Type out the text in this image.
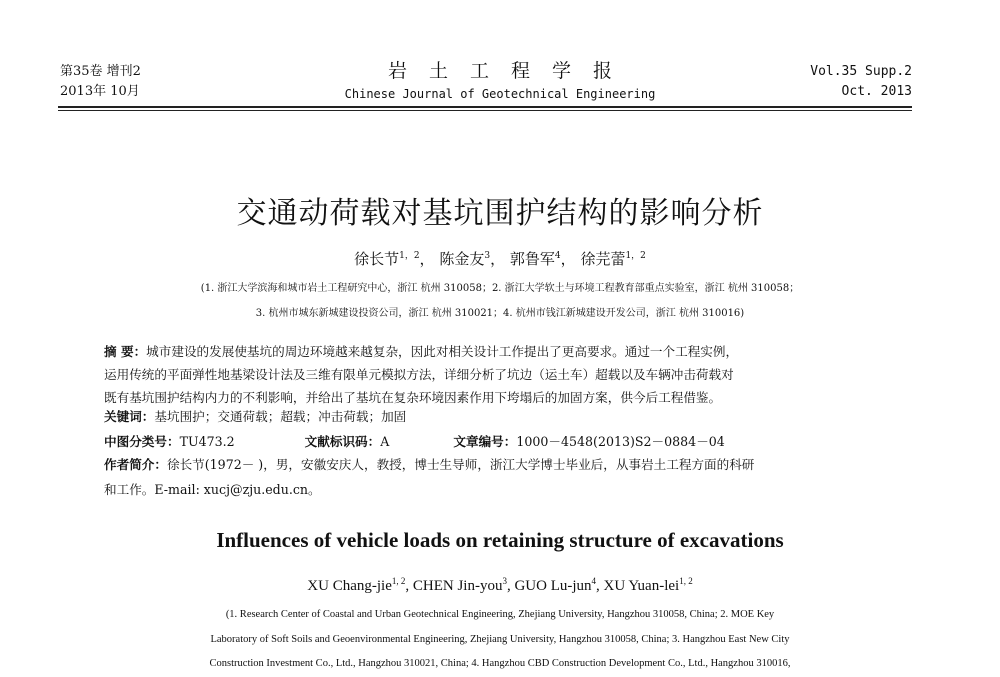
第35卷 增刊2
2013年 10月
岩土工程学报
Chinese Journal of Geotechnical Engineering
Vol.35 Supp.2
Oct. 2013
交通动荷载对基坑围护结构的影响分析
徐长节$^{1,2}$， 陈金友$^3$， 郭鲁军$^4$， 徐芫蕾$^{1,2}$
(1. 浙江大学滨海和城市岩土工程研究中心，浙江 杭州 310058；2. 浙江大学软土与环境工程教育部重点实验室，浙江 杭州 310058；
3. 杭州市城东新城建设投资公司，浙江 杭州 310021；4. 杭州市钱江新城建设开发公司，浙江 杭州 310016)
摘 要：城市建设的发展使基坑的周边环境越来越复杂，因此对相关设计工作提出了更高要求。通过一个工程实例，
运用传统的平面弹性地基梁设计法及三维有限单元模拟方法，详细分析了坑边（运土车）超载以及车辆冲击荷载对
既有基坑围护结构内力的不利影响，并给出了基坑在复杂环境因素作用下垮塌后的加固方案，供今后工程借鉴。
关键词：基坑围护；交通荷载；超载；冲击荷载；加固
中图分类号：TU473.2	文献标识码：A	文章编号：1000－4548(2013)S2－0884－04
作者简介：徐长节(1972－ )，男，安徽安庆人，教授，博士生导师，浙江大学博士毕业后，从事岩土工程方面的科研
和工作。E-mail: xucj@zju.edu.cn。
Influences of vehicle loads on retaining structure of excavations
XU Chang-jie$^{1, 2}$, CHEN Jin-you$^3$, GUO Lu-jun$^4$, XU Yuan-lei$^{1, 2}$
(1. Research Center of Coastal and Urban Geotechnical Engineering, Zhejiang University, Hangzhou 310058, China; 2. MOE Key
Laboratory of Soft Soils and Geoenvironmental Engineering, Zhejiang University, Hangzhou 310058, China; 3. Hangzhou East New City
Construction Investment Co., Ltd., Hangzhou 310021, China; 4. Hangzhou CBD Construction Development Co., Ltd., Hangzhou 310016,
